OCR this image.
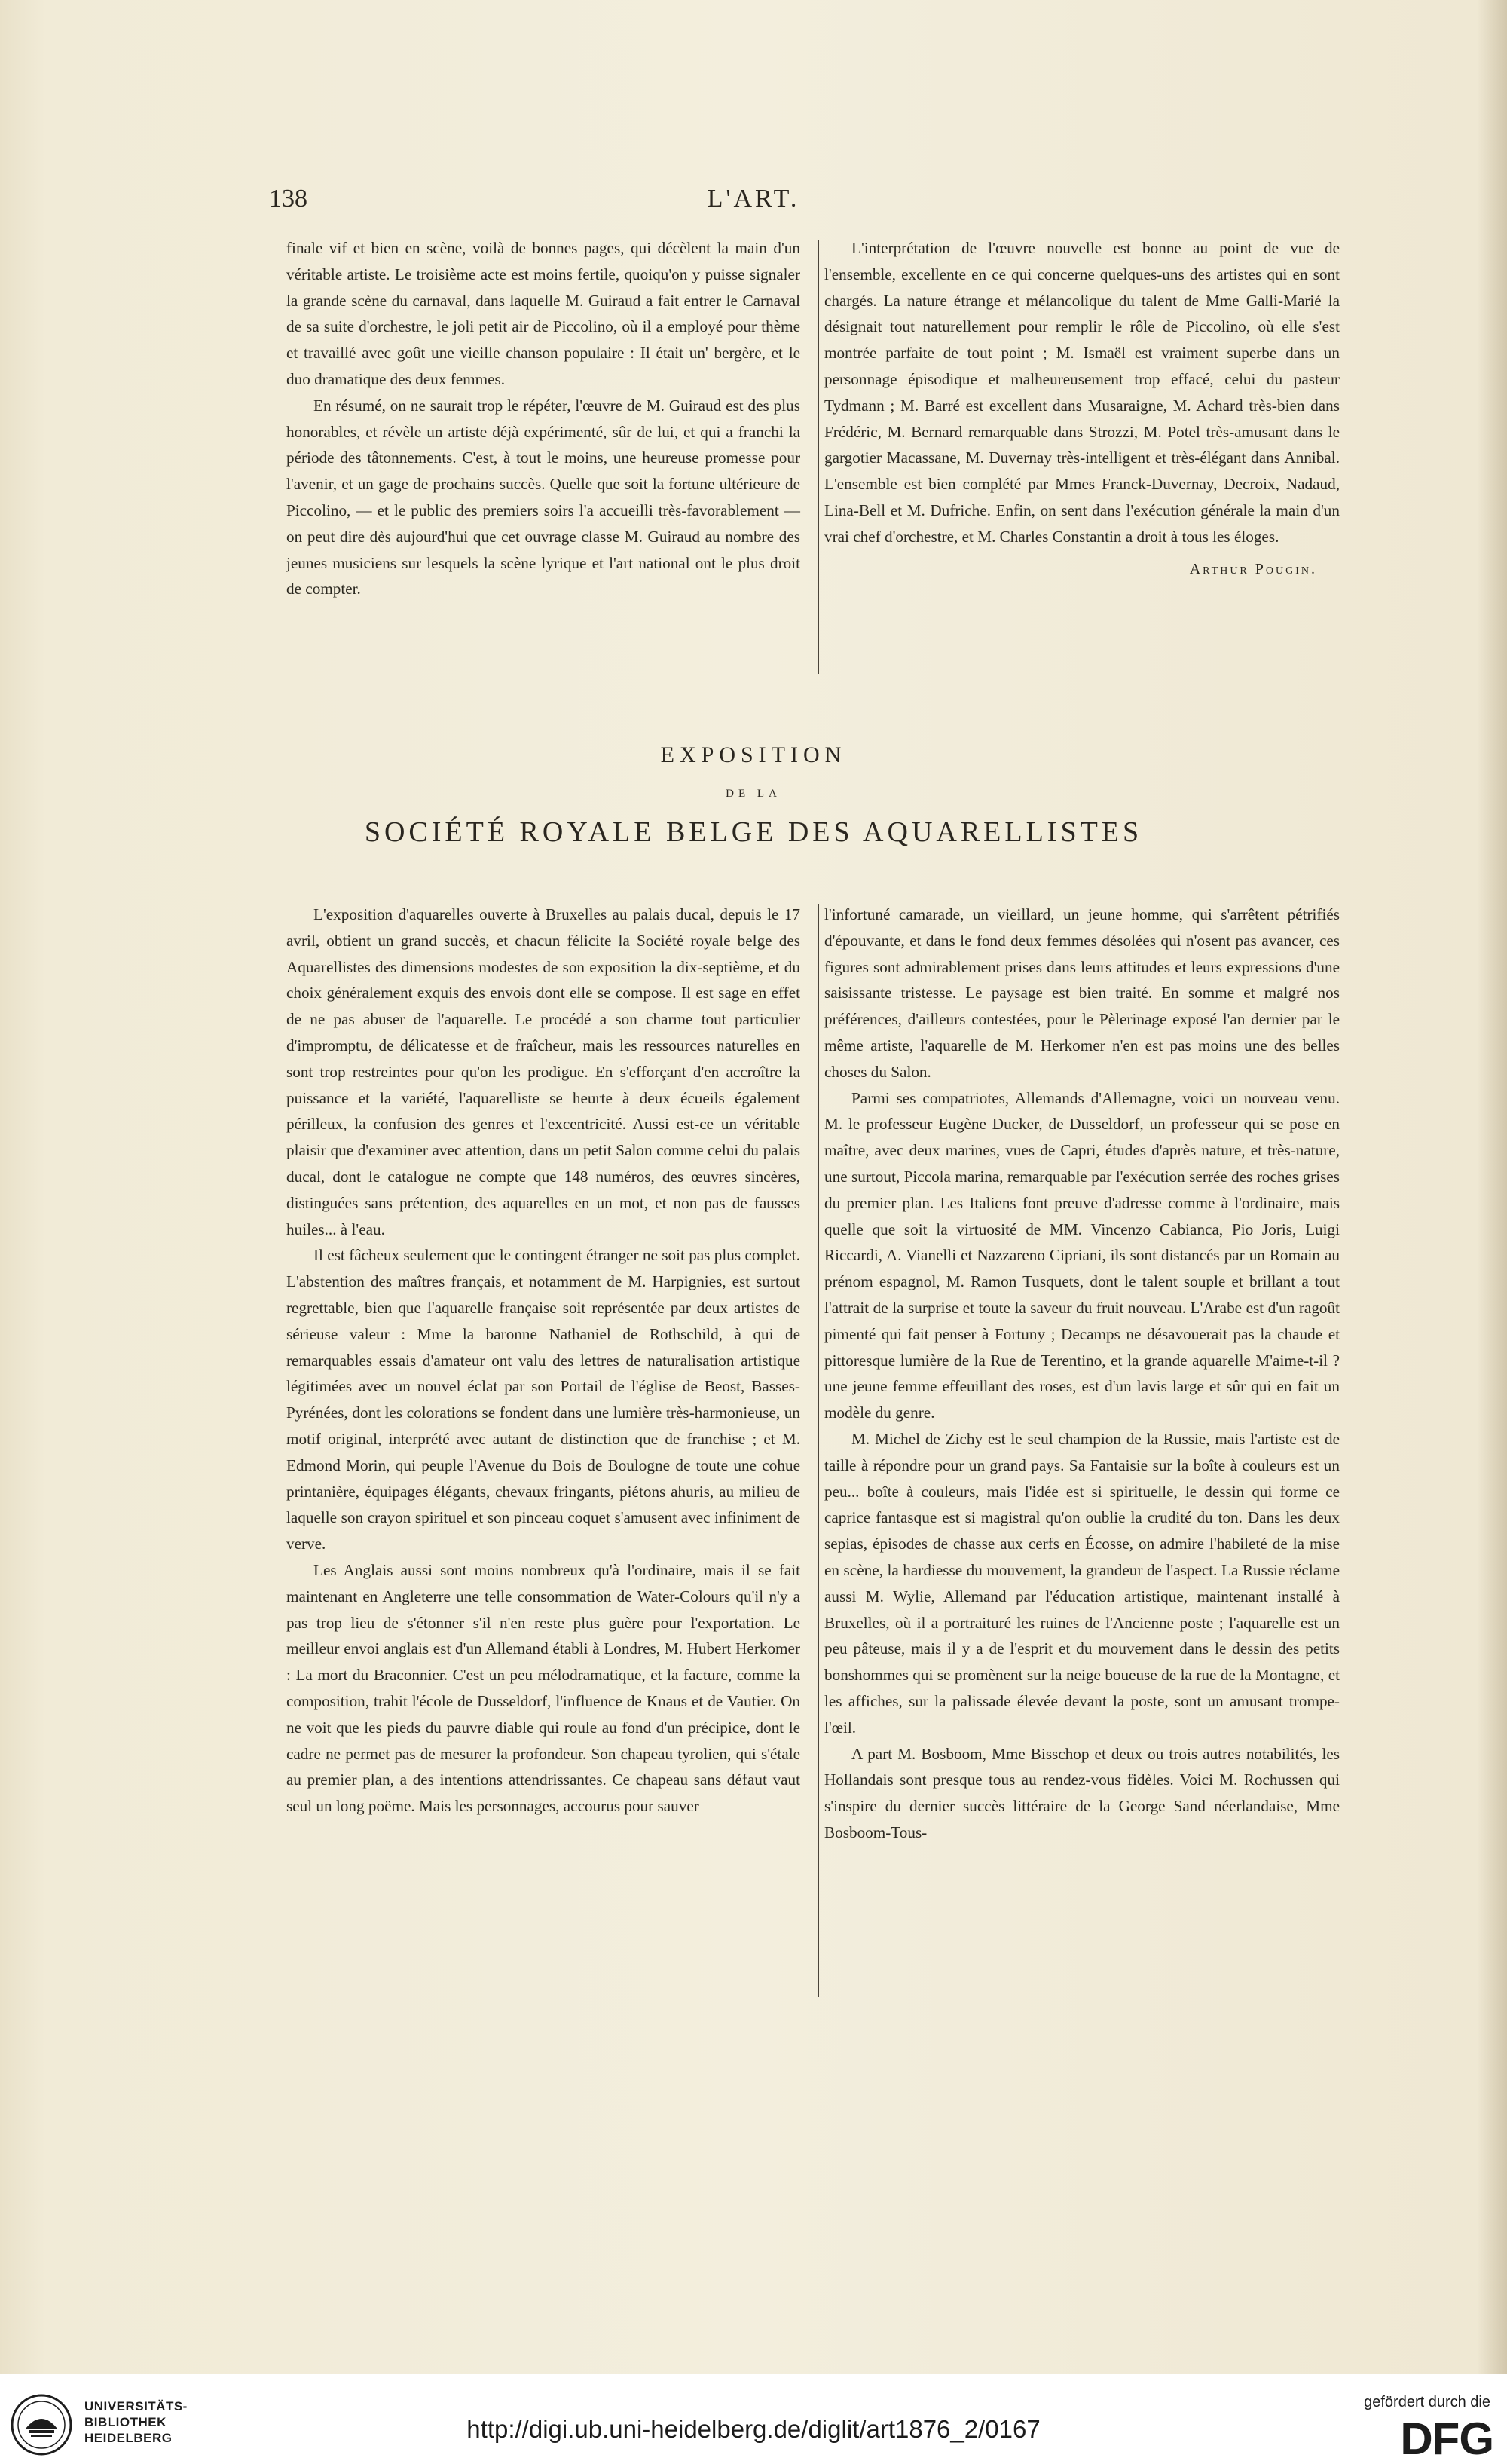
138	L'ART.

finale vif et bien en scène, voilà de bonnes pages, qui décèlent la main d'un véritable artiste. Le troisième acte est moins fertile, quoiqu'on y puisse signaler la grande scène du carnaval, dans laquelle M. Guiraud a fait entrer le Carnaval de sa suite d'orchestre, le joli petit air de Piccolino, où il a employé pour thème et travaillé avec goût une vieille chanson populaire : Il était un' bergère, et le duo dramatique des deux femmes.

En résumé, on ne saurait trop le répéter, l'œuvre de M. Guiraud est des plus honorables, et révèle un artiste déjà expérimenté, sûr de lui, et qui a franchi la période des tâtonnements. C'est, à tout le moins, une heureuse promesse pour l'avenir, et un gage de prochains succès. Quelle que soit la fortune ultérieure de Piccolino, — et le public des premiers soirs l'a accueilli très-favorablement — on peut dire dès aujourd'hui que cet ouvrage classe M. Guiraud au nombre des jeunes musiciens sur lesquels la scène lyrique et l'art national ont le plus droit de compter.

L'interprétation de l'œuvre nouvelle est bonne au point de vue de l'ensemble, excellente en ce qui concerne quelques-uns des artistes qui en sont chargés. La nature étrange et mélancolique du talent de Mme Galli-Marié la désignait tout naturellement pour remplir le rôle de Piccolino, où elle s'est montrée parfaite de tout point ; M. Ismaël est vraiment superbe dans un personnage épisodique et malheureusement trop effacé, celui du pasteur Tydmann ; M. Barré est excellent dans Musaraigne, M. Achard très-bien dans Frédéric, M. Bernard remarquable dans Strozzi, M. Potel très-amusant dans le gargotier Macassane, M. Duvernay très-intelligent et très-élégant dans Annibal. L'ensemble est bien complété par Mmes Franck-Duvernay, Decroix, Nadaud, Lina-Bell et M. Dufriche. Enfin, on sent dans l'exécution générale la main d'un vrai chef d'orchestre, et M. Charles Constantin a droit à tous les éloges.

Arthur Pougin.
EXPOSITION
DE LA
SOCIÉTÉ ROYALE BELGE DES AQUARELLISTES

L'exposition d'aquarelles ouverte à Bruxelles au palais ducal, depuis le 17 avril, obtient un grand succès, et chacun félicite la Société royale belge des Aquarellistes des dimensions modestes de son exposition la dix-septième, et du choix généralement exquis des envois dont elle se compose. Il est sage en effet de ne pas abuser de l'aquarelle. Le procédé a son charme tout particulier d'impromptu, de délicatesse et de fraîcheur, mais les ressources naturelles en sont trop restreintes pour qu'on les prodigue. En s'efforçant d'en accroître la puissance et la variété, l'aquarelliste se heurte à deux écueils également périlleux, la confusion des genres et l'excentricité. Aussi est-ce un véritable plaisir que d'examiner avec attention, dans un petit Salon comme celui du palais ducal, dont le catalogue ne compte que 148 numéros, des œuvres sincères, distinguées sans prétention, des aquarelles en un mot, et non pas de fausses huiles... à l'eau.

Il est fâcheux seulement que le contingent étranger ne soit pas plus complet. L'abstention des maîtres français, et notamment de M. Harpignies, est surtout regrettable, bien que l'aquarelle française soit représentée par deux artistes de sérieuse valeur : Mme la baronne Nathaniel de Rothschild, à qui de remarquables essais d'amateur ont valu des lettres de naturalisation artistique légitimées avec un nouvel éclat par son Portail de l'église de Beost, Basses-Pyrénées, dont les colorations se fondent dans une lumière très-harmonieuse, un motif original, interprété avec autant de distinction que de franchise ; et M. Edmond Morin, qui peuple l'Avenue du Bois de Boulogne de toute une cohue printanière, équipages élégants, chevaux fringants, piétons ahuris, au milieu de laquelle son crayon spirituel et son pinceau coquet s'amusent avec infiniment de verve.

Les Anglais aussi sont moins nombreux qu'à l'ordinaire, mais il se fait maintenant en Angleterre une telle consommation de Water-Colours qu'il n'y a pas trop lieu de s'étonner s'il n'en reste plus guère pour l'exportation. Le meilleur envoi anglais est d'un Allemand établi à Londres, M. Hubert Herkomer : La mort du Braconnier. C'est un peu mélodramatique, et la facture, comme la composition, trahit l'école de Dusseldorf, l'influence de Knaus et de Vautier. On ne voit que les pieds du pauvre diable qui roule au fond d'un précipice, dont le cadre ne permet pas de mesurer la profondeur. Son chapeau tyrolien, qui s'étale au premier plan, a des intentions attendrissantes. Ce chapeau sans défaut vaut seul un long poëme. Mais les personnages, accourus pour sauver

l'infortuné camarade, un vieillard, un jeune homme, qui s'arrêtent pétrifiés d'épouvante, et dans le fond deux femmes désolées qui n'osent pas avancer, ces figures sont admirablement prises dans leurs attitudes et leurs expressions d'une saisissante tristesse. Le paysage est bien traité. En somme et malgré nos préférences, d'ailleurs contestées, pour le Pèlerinage exposé l'an dernier par le même artiste, l'aquarelle de M. Herkomer n'en est pas moins une des belles choses du Salon.

Parmi ses compatriotes, Allemands d'Allemagne, voici un nouveau venu. M. le professeur Eugène Ducker, de Dusseldorf, un professeur qui se pose en maître, avec deux marines, vues de Capri, études d'après nature, et très-nature, une surtout, Piccola marina, remarquable par l'exécution serrée des roches grises du premier plan. Les Italiens font preuve d'adresse comme à l'ordinaire, mais quelle que soit la virtuosité de MM. Vincenzo Cabianca, Pio Joris, Luigi Riccardi, A. Vianelli et Nazzareno Cipriani, ils sont distancés par un Romain au prénom espagnol, M. Ramon Tusquets, dont le talent souple et brillant a tout l'attrait de la surprise et toute la saveur du fruit nouveau. L'Arabe est d'un ragoût pimenté qui fait penser à Fortuny ; Decamps ne désavouerait pas la chaude et pittoresque lumière de la Rue de Terentino, et la grande aquarelle M'aime-t-il ? une jeune femme effeuillant des roses, est d'un lavis large et sûr qui en fait un modèle du genre.

M. Michel de Zichy est le seul champion de la Russie, mais l'artiste est de taille à répondre pour un grand pays. Sa Fantaisie sur la boîte à couleurs est un peu... boîte à couleurs, mais l'idée est si spirituelle, le dessin qui forme ce caprice fantasque est si magistral qu'on oublie la crudité du ton. Dans les deux sepias, épisodes de chasse aux cerfs en Écosse, on admire l'habileté de la mise en scène, la hardiesse du mouvement, la grandeur de l'aspect. La Russie réclame aussi M. Wylie, Allemand par l'éducation artistique, maintenant installé à Bruxelles, où il a portraituré les ruines de l'Ancienne poste ; l'aquarelle est un peu pâteuse, mais il y a de l'esprit et du mouvement dans le dessin des petits bonshommes qui se promènent sur la neige boueuse de la rue de la Montagne, et les affiches, sur la palissade élevée devant la poste, sont un amusant trompe-l'œil.

A part M. Bosboom, Mme Bisschop et deux ou trois autres notabilités, les Hollandais sont presque tous au rendez-vous fidèles. Voici M. Rochussen qui s'inspire du dernier succès littéraire de la George Sand néerlandaise, Mme Bosboom-Tous-

UNIVERSITÄTS-
BIBLIOTHEK
HEIDELBERG	http://digi.ub.uni-heidelberg.de/diglit/art1876_2/0167
gefördert durch die
DFG
